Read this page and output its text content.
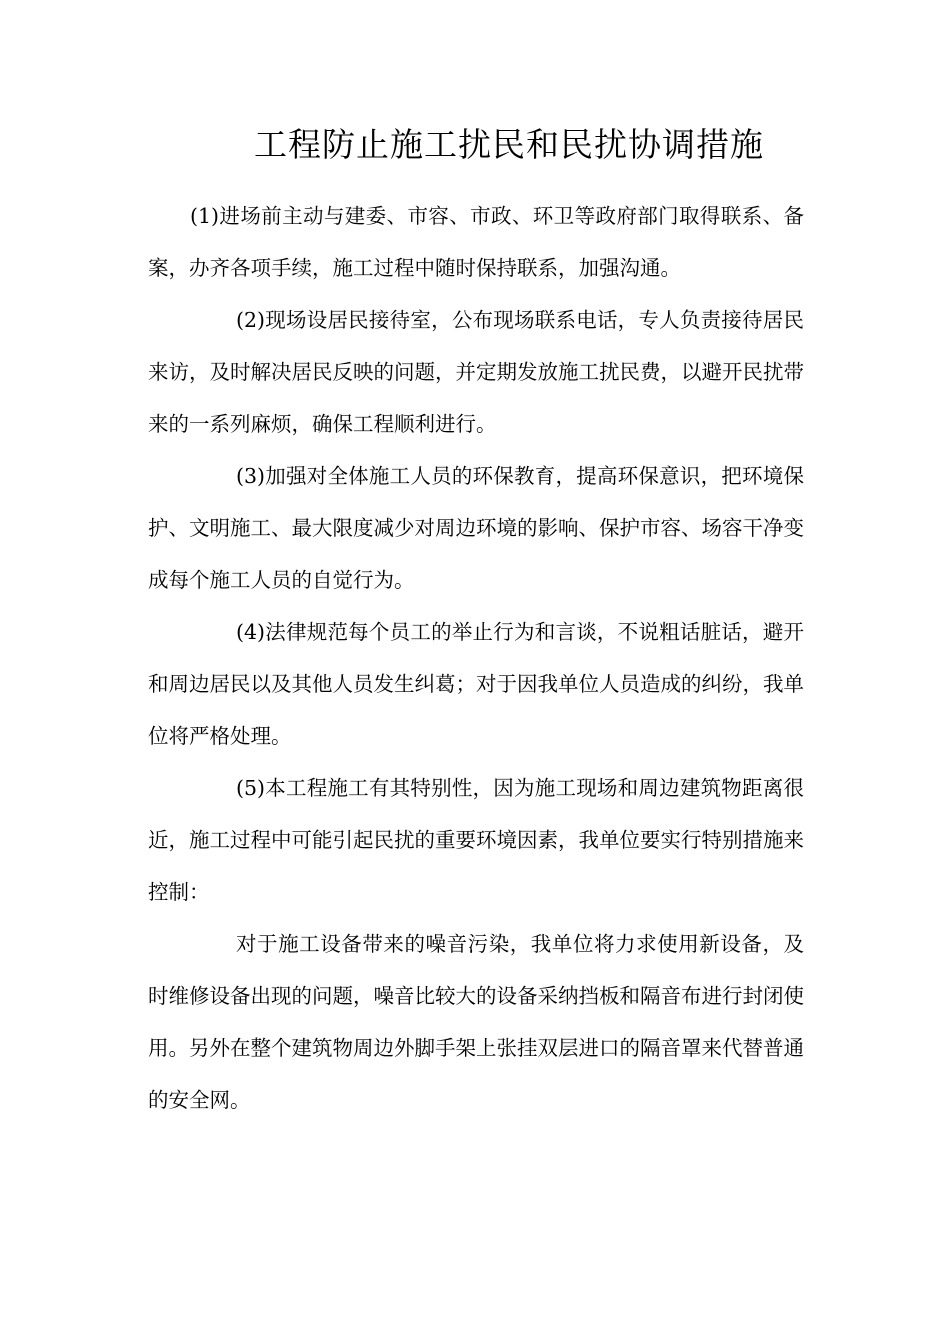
工程防止施工扰民和民扰协调措施

(1)进场前主动与建委、市容、市政、环卫等政府部门取得联系、备案，办齐各项手续，施工过程中随时保持联系，加强沟通。

(2)现场设居民接待室，公布现场联系电话，专人负责接待居民来访，及时解决居民反映的问题，并定期发放施工扰民费，以避开民扰带来的一系列麻烦，确保工程顺利进行。

(3)加强对全体施工人员的环保教育，提高环保意识，把环境保护、文明施工、最大限度减少对周边环境的影响、保护市容、场容干净变成每个施工人员的自觉行为。

(4)法律规范每个员工的举止行为和言谈，不说粗话脏话，避开和周边居民以及其他人员发生纠葛；对于因我单位人员造成的纠纷，我单位将严格处理。

(5)本工程施工有其特别性，因为施工现场和周边建筑物距离很近，施工过程中可能引起民扰的重要环境因素，我单位要实行特别措施来控制：

对于施工设备带来的噪音污染，我单位将力求使用新设备，及时维修设备出现的问题，噪音比较大的设备采纳挡板和隔音布进行封闭使用。另外在整个建筑物周边外脚手架上张挂双层进口的隔音罩来代替普通的安全网。
